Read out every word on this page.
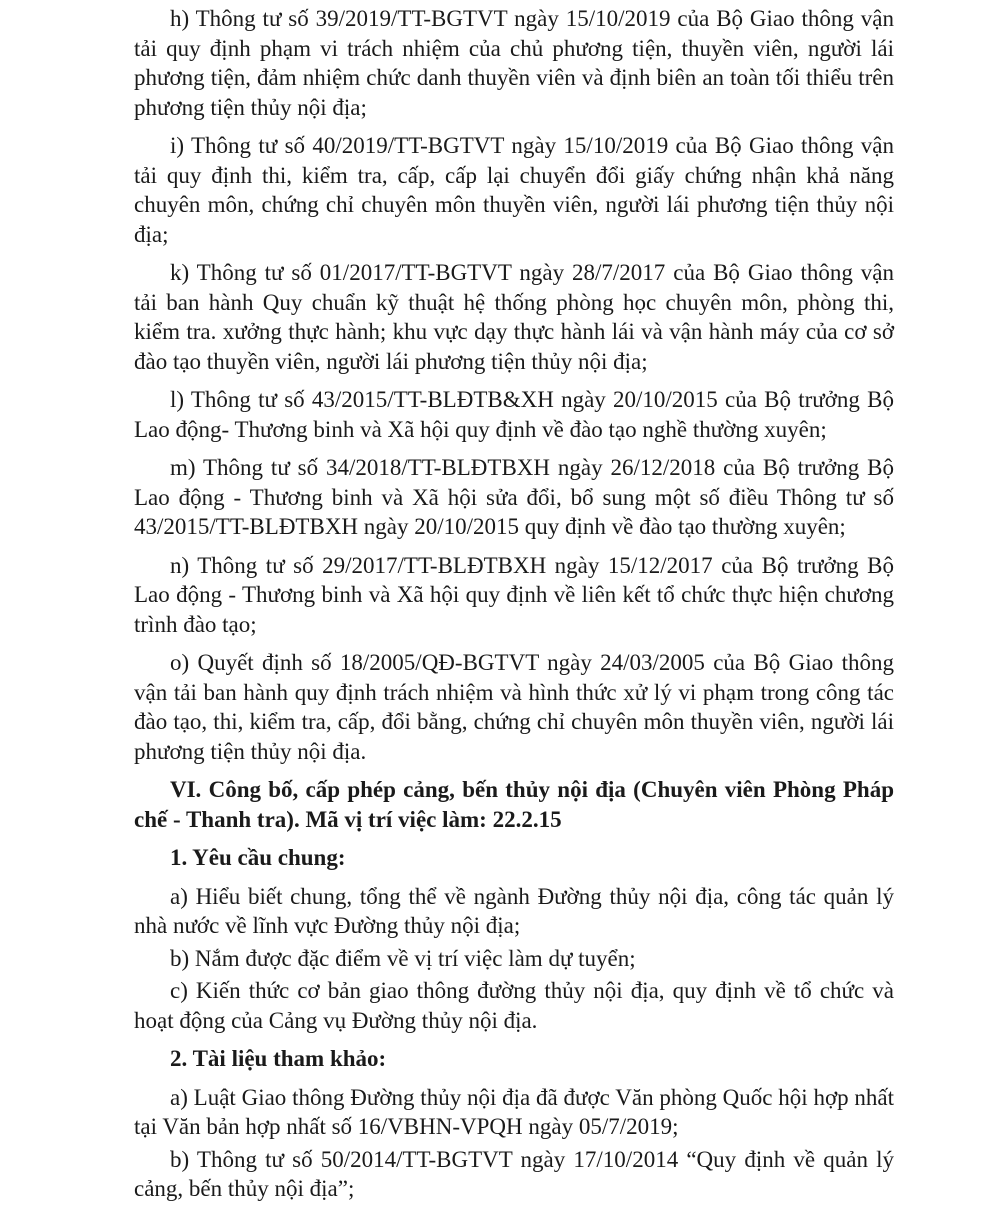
h) Thông tư số 39/2019/TT-BGTVT ngày 15/10/2019 của Bộ Giao thông vận tải quy định phạm vi trách nhiệm của chủ phương tiện, thuyền viên, người lái phương tiện, đảm nhiệm chức danh thuyền viên và định biên an toàn tối thiểu trên phương tiện thủy nội địa;

i) Thông tư số 40/2019/TT-BGTVT ngày 15/10/2019 của Bộ Giao thông vận tải quy định thi, kiểm tra, cấp, cấp lại chuyển đổi giấy chứng nhận khả năng chuyên môn, chứng chỉ chuyên môn thuyền viên, người lái phương tiện thủy nội địa;

k) Thông tư số 01/2017/TT-BGTVT ngày 28/7/2017 của Bộ Giao thông vận tải ban hành Quy chuẩn kỹ thuật hệ thống phòng học chuyên môn, phòng thi, kiểm tra. xưởng thực hành; khu vực dạy thực hành lái và vận hành máy của cơ sở đào tạo thuyền viên, người lái phương tiện thủy nội địa;

l) Thông tư số 43/2015/TT-BLĐTB&XH ngày 20/10/2015 của Bộ trưởng Bộ Lao động- Thương binh và Xã hội quy định về đào tạo nghề thường xuyên;

m) Thông tư số 34/2018/TT-BLĐTBXH ngày 26/12/2018 của Bộ trưởng Bộ Lao động - Thương binh và Xã hội sửa đổi, bổ sung một số điều Thông tư số 43/2015/TT-BLĐTBXH ngày 20/10/2015 quy định về đào tạo thường xuyên;

n) Thông tư số 29/2017/TT-BLĐTBXH ngày 15/12/2017 của Bộ trưởng Bộ Lao động - Thương binh và Xã hội quy định về liên kết tổ chức thực hiện chương trình đào tạo;

o) Quyết định số 18/2005/QĐ-BGTVT ngày 24/03/2005 của Bộ Giao thông vận tải ban hành quy định trách nhiệm và hình thức xử lý vi phạm trong công tác đào tạo, thi, kiểm tra, cấp, đổi bằng, chứng chỉ chuyên môn thuyền viên, người lái phương tiện thủy nội địa.

VI. Công bố, cấp phép cảng, bến thủy nội địa (Chuyên viên Phòng Pháp chế - Thanh tra). Mã vị trí việc làm: 22.2.15

1. Yêu cầu chung:

a) Hiểu biết chung, tổng thể về ngành Đường thủy nội địa, công tác quản lý nhà nước về lĩnh vực Đường thủy nội địa;

b) Nắm được đặc điểm về vị trí việc làm dự tuyển;

c) Kiến thức cơ bản giao thông đường thủy nội địa, quy định về tổ chức và hoạt động của Cảng vụ Đường thủy nội địa.

2. Tài liệu tham khảo:

a) Luật Giao thông Đường thủy nội địa đã được Văn phòng Quốc hội hợp nhất tại Văn bản hợp nhất số 16/VBHN-VPQH ngày 05/7/2019;

b) Thông tư số 50/2014/TT-BGTVT ngày 17/10/2014 “Quy định về quản lý cảng, bến thủy nội địa”;
